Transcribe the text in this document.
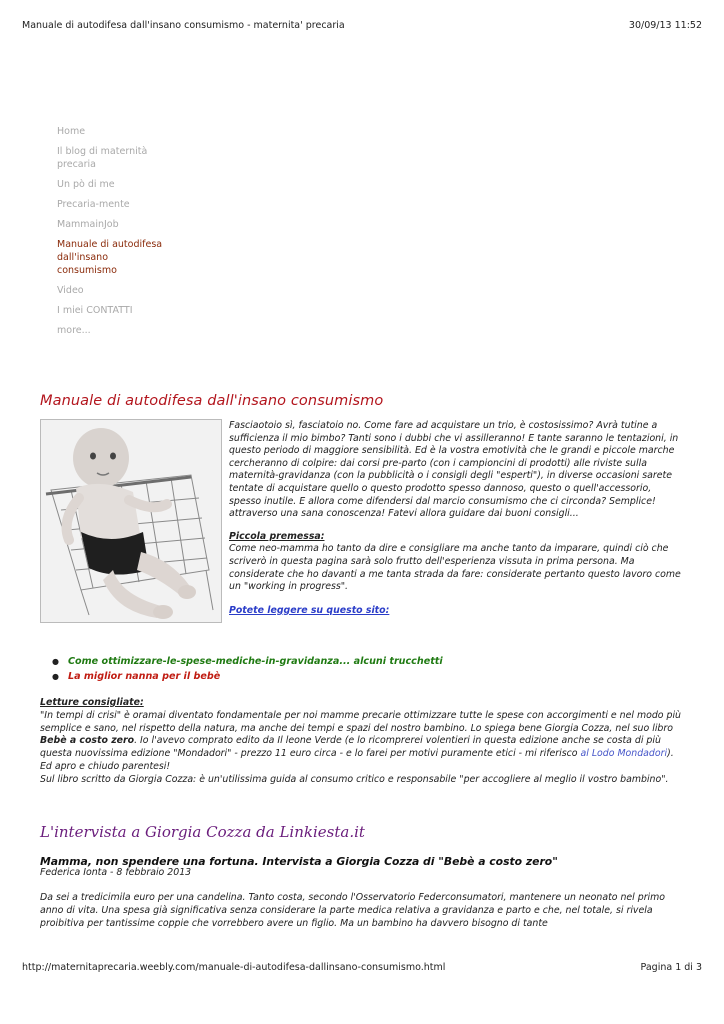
Manuale di autodifesa dall'insano consumismo - maternita' precaria	30/09/13 11:52
Home
Il blog di maternità precaria
Un pò di me
Precaria-mente
MammainJob
Manuale di autodifesa dall'insano consumismo
Video
I miei CONTATTI
more...
Manuale di autodifesa dall'insano consumismo

Fasciaotoio sì, fasciatoio no. Come fare ad acquistare un trio, è costosissimo? Avrà tutine a sufficienza il mio bimbo? Tanti sono i dubbi che vi assilleranno! E tante saranno le tentazioni, in questo periodo di maggiore sensibilità. Ed è la vostra emotività che le grandi e piccole marche cercheranno di colpire: dai corsi pre-parto (con i campioncini di prodotti) alle riviste sulla maternità-gravidanza (con la pubblicità o i consigli degli "esperti"), in diverse occasioni sarete tentate di acquistare quello o questo prodotto spesso dannoso, questo o quell'accessorio, spesso inutile. E allora come difendersi dal marcio consumismo che ci circonda? Semplice! attraverso una sana conoscenza! Fatevi allora guidare dai buoni consigli...

Piccola premessa:

Come neo-mamma ho tanto da dire e consigliare ma anche tanto da imparare, quindi ciò che scriverò in questa pagina sarà solo frutto dell'esperienza vissuta in prima persona. Ma considerate che ho davanti a me tanta strada da fare: considerate pertanto questo lavoro come un "working in progress".

Potete leggere su questo sito:
● Come ottimizzare-le-spese-mediche-in-gravidanza... alcuni trucchetti
● La miglior nanna per il bebè
Letture consigliate:
"In tempi di crisi" è oramai diventato fondamentale per noi mamme precarie ottimizzare tutte le spese con accorgimenti e nel modo più semplice e sano, nel rispetto della natura, ma anche dei tempi e spazi del nostro bambino. Lo spiega bene Giorgia Cozza, nel suo libro Bebè a costo zero. Io l'avevo comprato edito da Il leone Verde (e lo ricomprerei volentieri in questa edizione anche se costa di più questa nuovissima edizione "Mondadori" - prezzo 11 euro circa - e lo farei per motivi puramente etici - mi riferisco al Lodo Mondadori). Ed apro e chiudo parentesi!
Sul libro scritto da Giorgia Cozza: è un'utilissima guida al consumo critico e responsabile "per accogliere al meglio il vostro bambino".
L'intervista a Giorgia Cozza da Linkiesta.it
Mamma, non spendere una fortuna. Intervista a Giorgia Cozza di "Bebè a costo zero"
Federica Ionta - 8 febbraio 2013

Da sei a tredicimila euro per una candelina. Tanto costa, secondo l'Osservatorio Federconsumatori, mantenere un neonato nel primo anno di vita. Una spesa già significativa senza considerare la parte medica relativa a gravidanza e parto e che, nel totale, si rivela proibitiva per tantissime coppie che vorrebbero avere un figlio. Ma un bambino ha davvero bisogno di tante

http://maternitaprecaria.weebly.com/manuale-di-autodifesa-dallinsano-consumismo.html	Pagina 1 di 3
